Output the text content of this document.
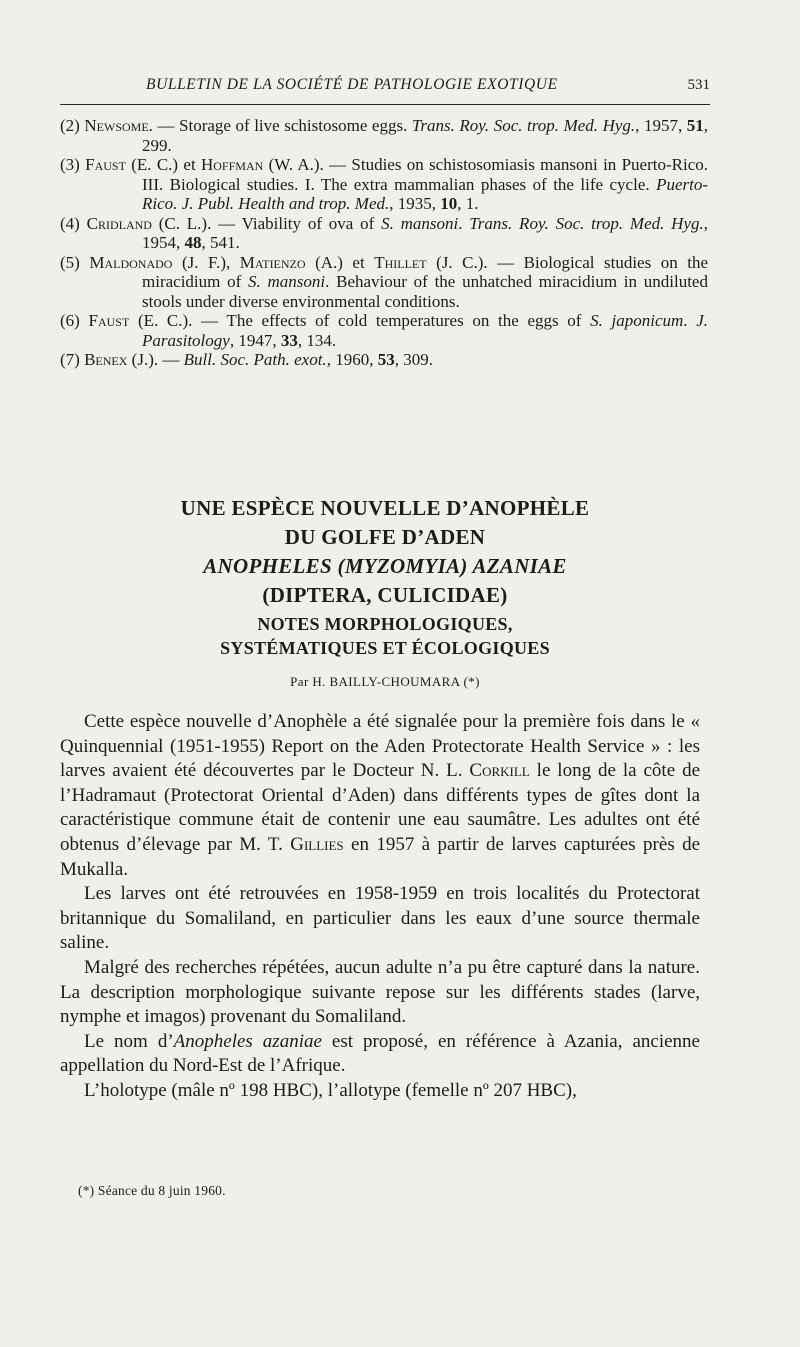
BULLETIN DE LA SOCIÉTÉ DE PATHOLOGIE EXOTIQUE	531

(2) Newsome. — Storage of live schistosome eggs. Trans. Roy. Soc. trop. Med. Hyg., 1957, 51, 299.

(3) Faust (E. C.) et Hoffman (W. A.). — Studies on schistosomiasis mansoni in Puerto-Rico. III. Biological studies. I. The extra mammalian phases of the life cycle. Puerto-Rico. J. Publ. Health and trop. Med., 1935, 10, 1.

(4) Cridland (C. L.). — Viability of ova of S. mansoni. Trans. Roy. Soc. trop. Med. Hyg., 1954, 48, 541.

(5) Maldonado (J. F.), Matienzo (A.) et Thillet (J. C.). — Biological studies on the miracidium of S. mansoni. Behaviour of the unhatched miracidium in undiluted stools under diverse environmental conditions.

(6) Faust (E. C.). — The effects of cold temperatures on the eggs of S. japonicum. J. Parasitology, 1947, 33, 134.

(7) Benex (J.). — Bull. Soc. Path. exot., 1960, 53, 309.

UNE ESPÈCE NOUVELLE D’ANOPHÈLE
DU GOLFE D’ADEN
ANOPHELES (MYZOMYIA) AZANIAE
(DIPTERA, CULICIDAE)
NOTES MORPHOLOGIQUES,
SYSTÉMATIQUES ET ÉCOLOGIQUES
Par H. BAILLY-CHOUMARA (*)

Cette espèce nouvelle d’Anophèle a été signalée pour la première fois dans le « Quinquennial (1951-1955) Report on the Aden Protectorate Health Service » : les larves avaient été découvertes par le Docteur N. L. Corkill le long de la côte de l’Hadramaut (Protectorat Oriental d’Aden) dans différents types de gîtes dont la caractéristique commune était de contenir une eau saumâtre. Les adultes ont été obtenus d’élevage par M. T. Gillies en 1957 à partir de larves capturées près de Mukalla.

Les larves ont été retrouvées en 1958-1959 en trois localités du Protectorat britannique du Somaliland, en particulier dans les eaux d’une source thermale saline.

Malgré des recherches répétées, aucun adulte n’a pu être capturé dans la nature. La description morphologique suivante repose sur les différents stades (larve, nymphe et imagos) provenant du Somaliland.

Le nom d’Anopheles azaniae est proposé, en référence à Azania, ancienne appellation du Nord-Est de l’Afrique.

L’holotype (mâle nº 198 HBC), l’allotype (femelle nº 207 HBC),

(*) Séance du 8 juin 1960.
